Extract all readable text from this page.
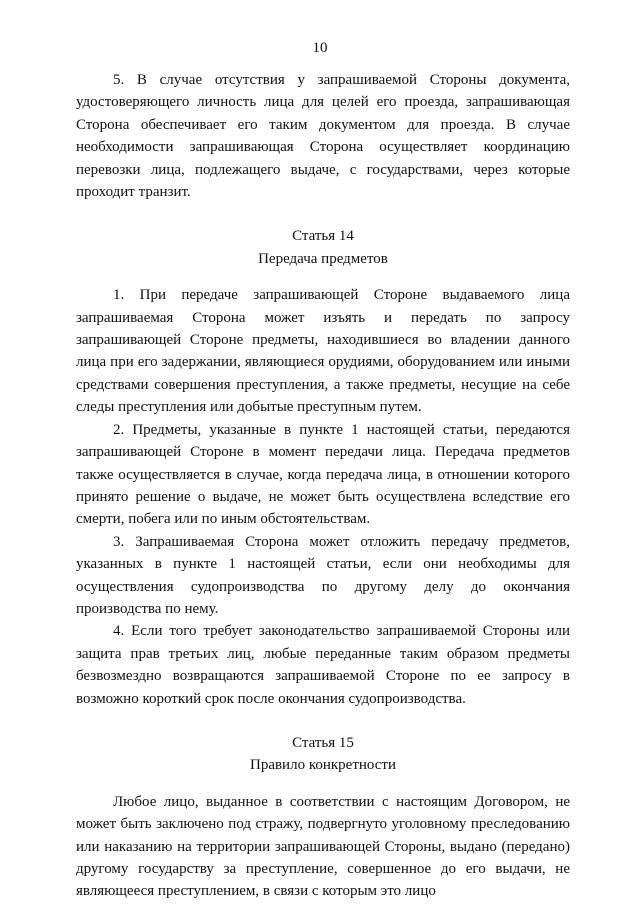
10

5. В случае отсутствия у запрашиваемой Стороны документа, удостоверяющего личность лица для целей его проезда, запрашивающая Сторона обеспечивает его таким документом для проезда. В случае необходимости запрашивающая Сторона осуществляет координацию перевозки лица, подлежащего выдаче, с государствами, через которые проходит транзит.

Статья 14

Передача предметов

1. При передаче запрашивающей Стороне выдаваемого лица запрашиваемая Сторона может изъять и передать по запросу запрашивающей Стороне предметы, находившиеся во владении данного лица при его задержании, являющиеся орудиями, оборудованием или иными средствами совершения преступления, а также предметы, несущие на себе следы преступления или добытые преступным путем.

2. Предметы, указанные в пункте 1 настоящей статьи, передаются запрашивающей Стороне в момент передачи лица. Передача предметов также осуществляется в случае, когда передача лица, в отношении которого принято решение о выдаче, не может быть осуществлена вследствие его смерти, побега или по иным обстоятельствам.

3. Запрашиваемая Сторона может отложить передачу предметов, указанных в пункте 1 настоящей статьи, если они необходимы для осуществления судопроизводства по другому делу до окончания производства по нему.

4. Если того требует законодательство запрашиваемой Стороны или защита прав третьих лиц, любые переданные таким образом предметы безвозмездно возвращаются запрашиваемой Стороне по ее запросу в возможно короткий срок после окончания судопроизводства.

Статья 15

Правило конкретности

Любое лицо, выданное в соответствии с настоящим Договором, не может быть заключено под стражу, подвергнуто уголовному преследованию или наказанию на территории запрашивающей Стороны, выдано (передано) другому государству за преступление, совершенное до его выдачи, не являющееся преступлением, в связи с которым это лицо
